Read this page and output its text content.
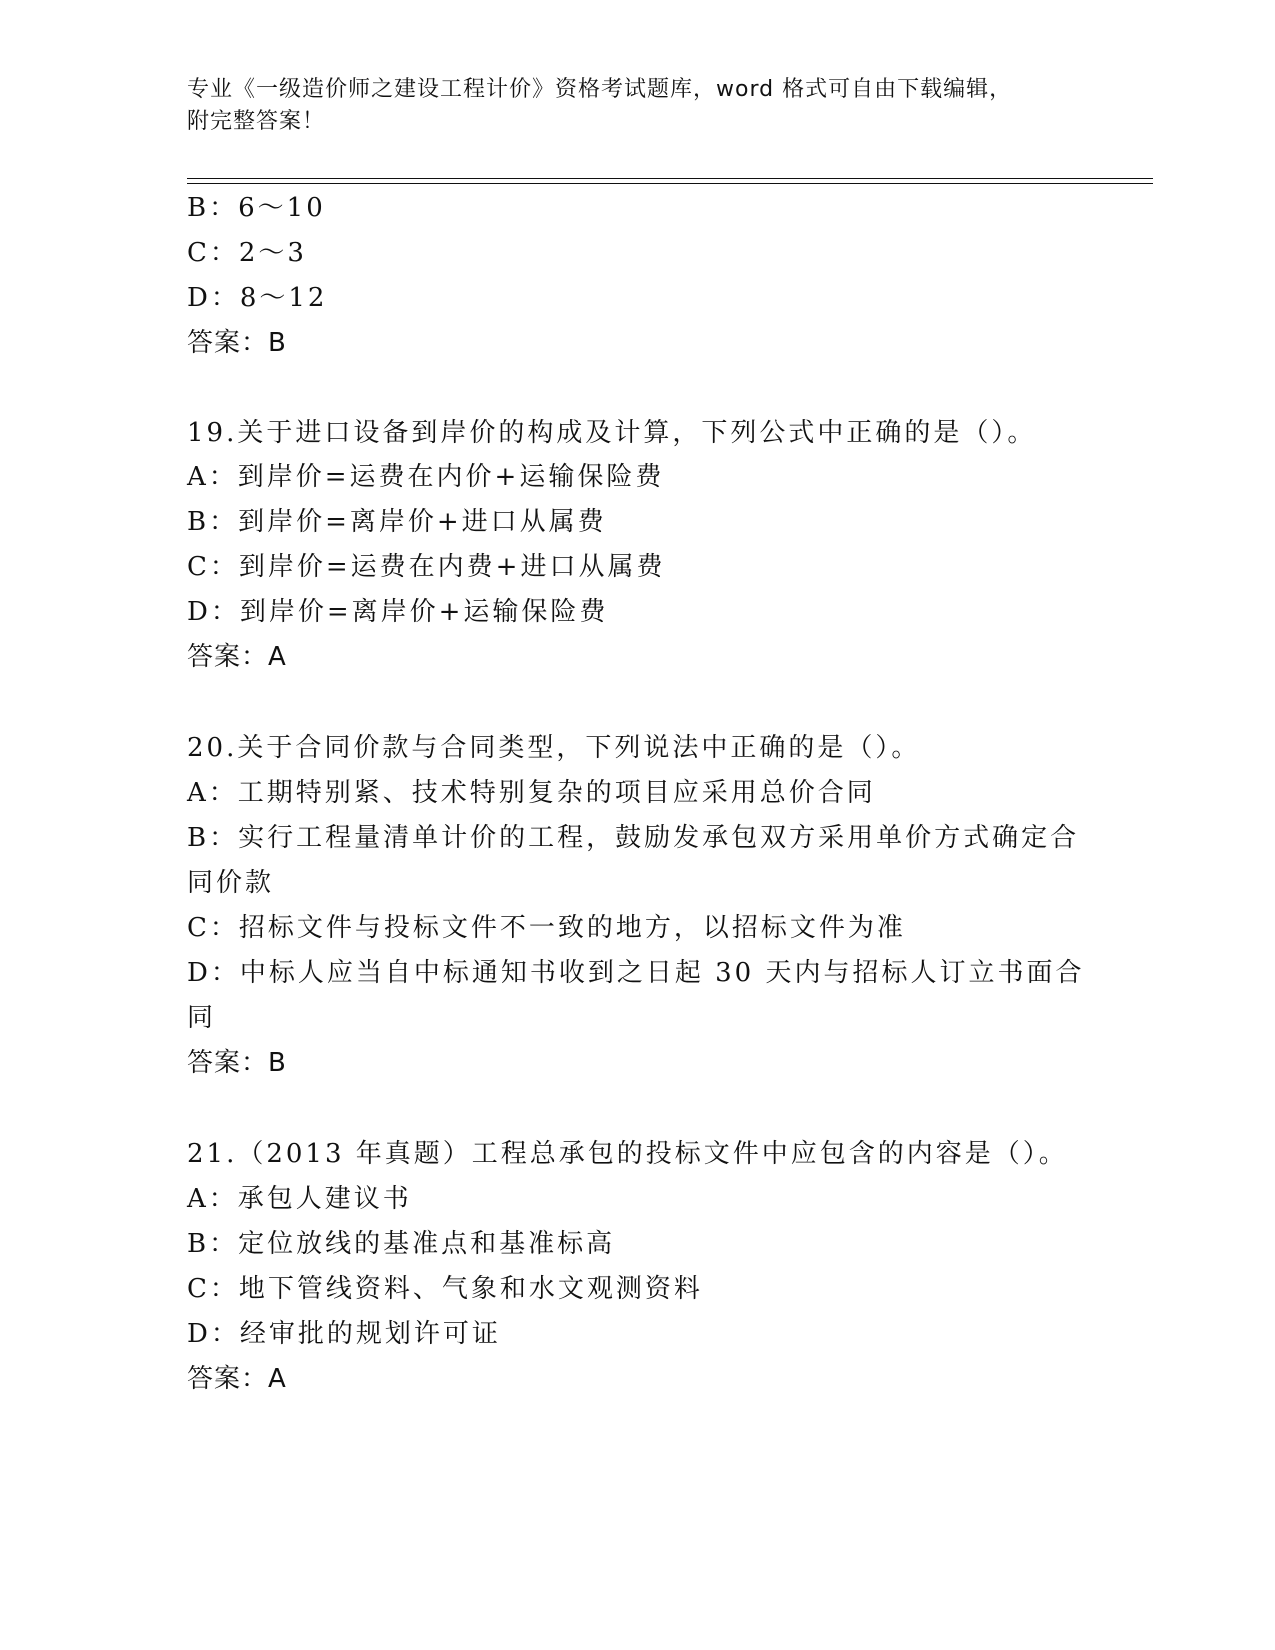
专业《一级造价师之建设工程计价》资格考试题库，word 格式可自由下载编辑，
附完整答案！
B：6～10
C：2～3
D：8～12
答案：B
19.关于进口设备到岸价的构成及计算，下列公式中正确的是（）。
A：到岸价=运费在内价+运输保险费
B：到岸价=离岸价+进口从属费
C：到岸价=运费在内费+进口从属费
D：到岸价=离岸价+运输保险费
答案：A
20.关于合同价款与合同类型，下列说法中正确的是（）。
A：工期特别紧、技术特别复杂的项目应采用总价合同
B：实行工程量清单计价的工程，鼓励发承包双方采用单价方式确定合
同价款
C：招标文件与投标文件不一致的地方，以招标文件为准
D：中标人应当自中标通知书收到之日起 30 天内与招标人订立书面合
同
答案：B
21.（2013 年真题）工程总承包的投标文件中应包含的内容是（）。
A：承包人建议书
B：定位放线的基准点和基准标高
C：地下管线资料、气象和水文观测资料
D：经审批的规划许可证
答案：A
